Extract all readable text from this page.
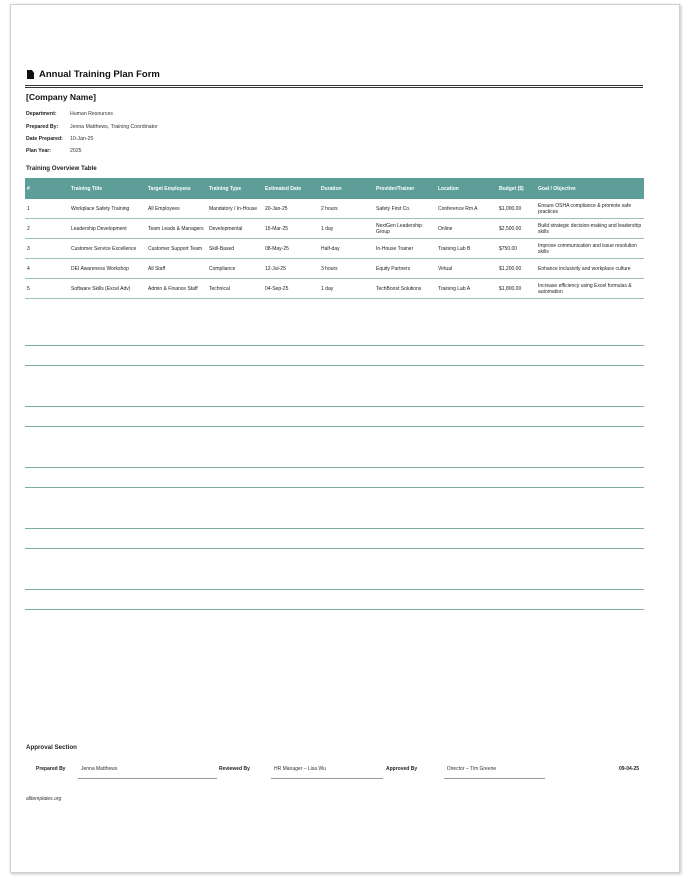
Annual Training Plan Form
[Company Name]
Department:	Human Resources
Prepared By: Jenna Matthews, Training Coordinator
Date Prepared: 10-Jan-25
Plan Year:	2025
Training Overview Table
#	Training Title	Target Employees	Training Type	Estimated Date	Duration	Provider/Trainer	Location	Budget ($)	Goal / Objective
1	Workplace Safety Training	All Employees	Mandatory / In-House	20-Jan-25	2 hours	Safety First Co.	Conference Rm A	$1,000.00	Ensure OSHA compliance & promote safe practices
2	Leadership Development	Team Leads & Managers	Developmental	15-Mar-25	1 day	NextGen Leadership Group	Online	$2,500.00	Build strategic decision-making and leadership skills
3	Customer Service Excellence	Customer Support Team	Skill-Based	08-May-25	Half-day	In-House Trainer	Training Lab B	$750.00	Improve communication and issue resolution skills
4	DEI Awareness Workshop	All Staff	Compliance	12-Jul-25	3 hours	Equity Partners	Virtual	$1,200.00	Enhance inclusivity and workplace culture
5	Software Skills (Excel Adv)	Admin & Finance Staff	Technical	04-Sep-25	1 day	TechBoost Solutions	Training Lab A	$1,800.00	Increase efficiency using Excel formulas & automation
Approval Section
Prepared By	Jenna Matthews	Reviewed By	HR Manager – Lisa Wu	Approved By	Director – Tim Greene	09-04-25
alltemplates.org
